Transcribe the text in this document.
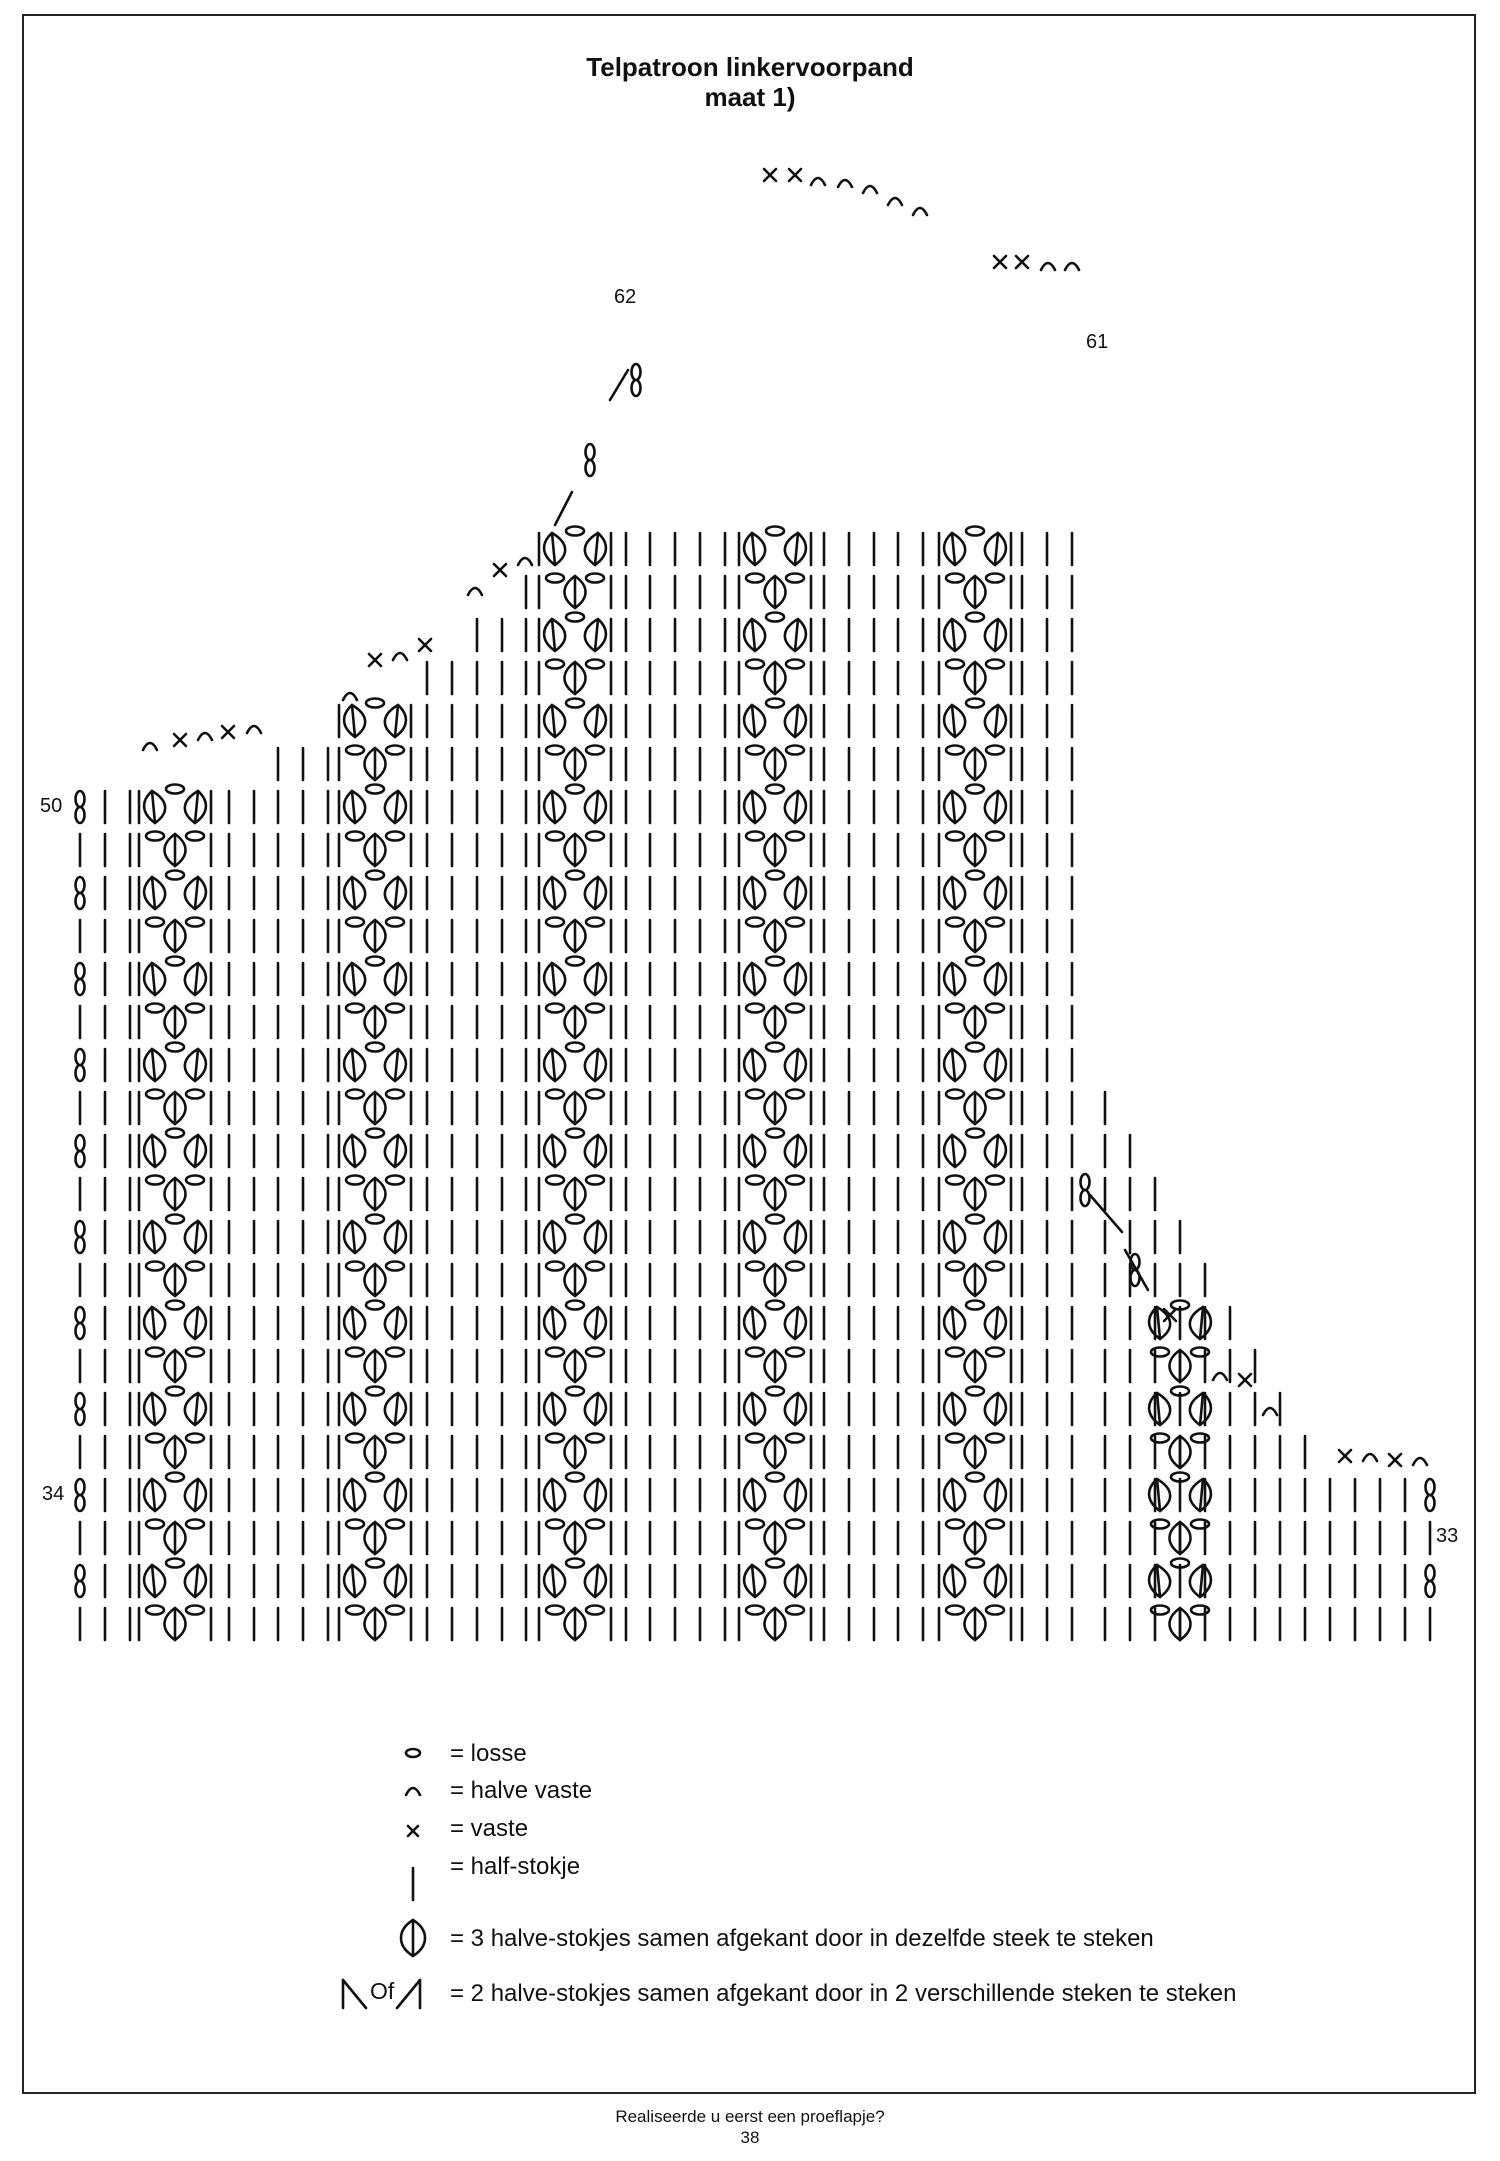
Telpatroon linkervoorpand
maat 1)
62
61
50
34
33
= losse
= halve vaste
= vaste
= half-stokje
= 3 halve-stokjes samen afgekant door in dezelfde steek te steken
= 2 halve-stokjes samen afgekant door in 2 verschillende steken te steken
Of
Realiseerde u eerst een proeflapje?
38
